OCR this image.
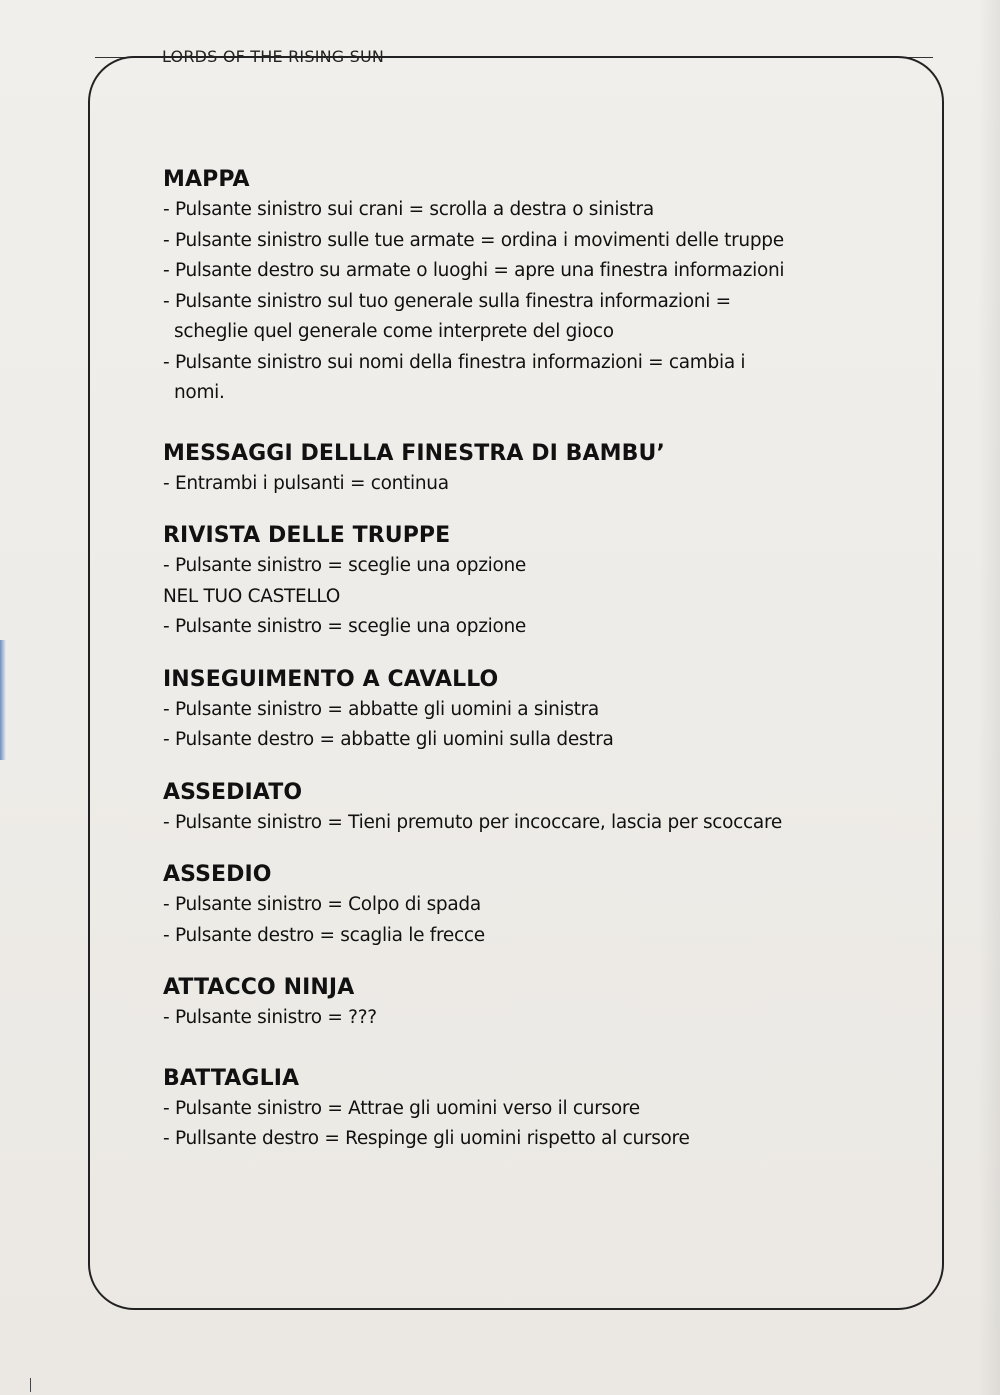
LORDS OF THE RISING SUN
MAPPA

- Pulsante sinistro sui crani = scrolla a destra o sinistra

- Pulsante sinistro sulle tue armate = ordina i movimenti delle truppe

- Pulsante destro su armate o luoghi = apre una finestra informazioni

- Pulsante sinistro sul tuo generale sulla finestra informazioni =

scheglie quel generale come interprete del gioco

- Pulsante sinistro sui nomi della finestra informazioni = cambia i

nomi.

MESSAGGI DELLLA FINESTRA DI BAMBU’

- Entrambi i pulsanti = continua

RIVISTA DELLE TRUPPE

- Pulsante sinistro = sceglie una opzione

NEL TUO CASTELLO

- Pulsante sinistro = sceglie una opzione

INSEGUIMENTO A CAVALLO

- Pulsante sinistro = abbatte gli uomini a sinistra

- Pulsante destro = abbatte gli uomini sulla destra

ASSEDIATO

- Pulsante sinistro = Tieni premuto per incoccare, lascia per scoccare

ASSEDIO

- Pulsante sinistro = Colpo di spada

- Pulsante destro = scaglia le frecce

ATTACCO NINJA

- Pulsante sinistro = ???

BATTAGLIA

- Pulsante sinistro = Attrae gli uomini verso il cursore

- Pullsante destro = Respinge gli uomini rispetto al cursore
